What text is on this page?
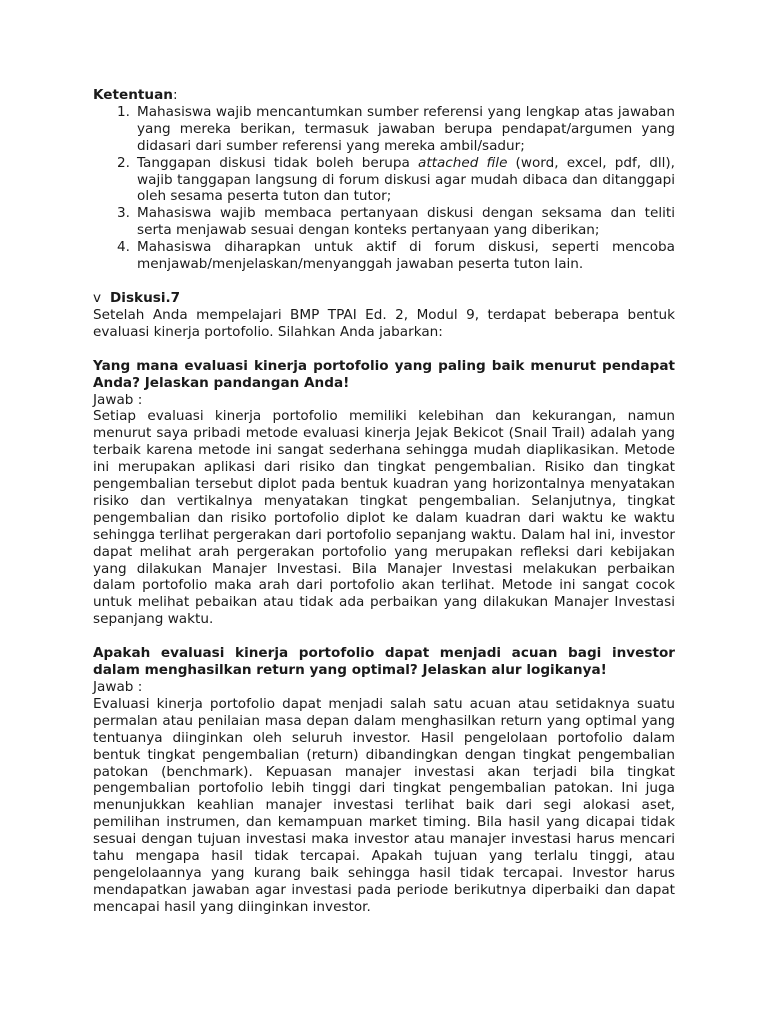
Ketentuan:

1. Mahasiswa wajib mencantumkan sumber referensi yang lengkap atas jawaban yang mereka berikan, termasuk jawaban berupa pendapat/argumen yang didasari dari sumber referensi yang mereka ambil/sadur;
2. Tanggapan diskusi tidak boleh berupa attached file (word, excel, pdf, dll), wajib tanggapan langsung di forum diskusi agar mudah dibaca dan ditanggapi oleh sesama peserta tuton dan tutor;
3. Mahasiswa wajib membaca pertanyaan diskusi dengan seksama dan teliti serta menjawab sesuai dengan konteks pertanyaan yang diberikan;
4. Mahasiswa diharapkan untuk aktif di forum diskusi, seperti mencoba menjawab/menjelaskan/menyanggah jawaban peserta tuton lain.

v Diskusi.7

Setelah Anda mempelajari BMP TPAI Ed. 2, Modul 9, terdapat beberapa bentuk evaluasi kinerja portofolio. Silahkan Anda jabarkan:

Yang mana evaluasi kinerja portofolio yang paling baik menurut pendapat Anda? Jelaskan pandangan Anda!

Jawab :

Setiap evaluasi kinerja portofolio memiliki kelebihan dan kekurangan, namun menurut saya pribadi metode evaluasi kinerja Jejak Bekicot (Snail Trail) adalah yang terbaik karena metode ini sangat sederhana sehingga mudah diaplikasikan. Metode ini merupakan aplikasi dari risiko dan tingkat pengembalian. Risiko dan tingkat pengembalian tersebut diplot pada bentuk kuadran yang horizontalnya menyatakan risiko dan vertikalnya menyatakan tingkat pengembalian. Selanjutnya, tingkat pengembalian dan risiko portofolio diplot ke dalam kuadran dari waktu ke waktu sehingga terlihat pergerakan dari portofolio sepanjang waktu. Dalam hal ini, investor dapat melihat arah pergerakan portofolio yang merupakan refleksi dari kebijakan yang dilakukan Manajer Investasi. Bila Manajer Investasi melakukan perbaikan dalam portofolio maka arah dari portofolio akan terlihat. Metode ini sangat cocok untuk melihat pebaikan atau tidak ada perbaikan yang dilakukan Manajer Investasi sepanjang waktu.

Apakah evaluasi kinerja portofolio dapat menjadi acuan bagi investor dalam menghasilkan return yang optimal? Jelaskan alur logikanya!

Jawab :

Evaluasi kinerja portofolio dapat menjadi salah satu acuan atau setidaknya suatu permalan atau penilaian masa depan dalam menghasilkan return yang optimal yang tentuanya diinginkan oleh seluruh investor. Hasil pengelolaan portofolio dalam bentuk tingkat pengembalian (return) dibandingkan dengan tingkat pengembalian patokan (benchmark). Kepuasan manajer investasi akan terjadi bila tingkat pengembalian portofolio lebih tinggi dari tingkat pengembalian patokan. Ini juga menunjukkan keahlian manajer investasi terlihat baik dari segi alokasi aset, pemilihan instrumen, dan kemampuan market timing. Bila hasil yang dicapai tidak sesuai dengan tujuan investasi maka investor atau manajer investasi harus mencari tahu mengapa hasil tidak tercapai. Apakah tujuan yang terlalu tinggi, atau pengelolaannya yang kurang baik sehingga hasil tidak tercapai. Investor harus mendapatkan jawaban agar investasi pada periode berikutnya diperbaiki dan dapat mencapai hasil yang diinginkan investor.
